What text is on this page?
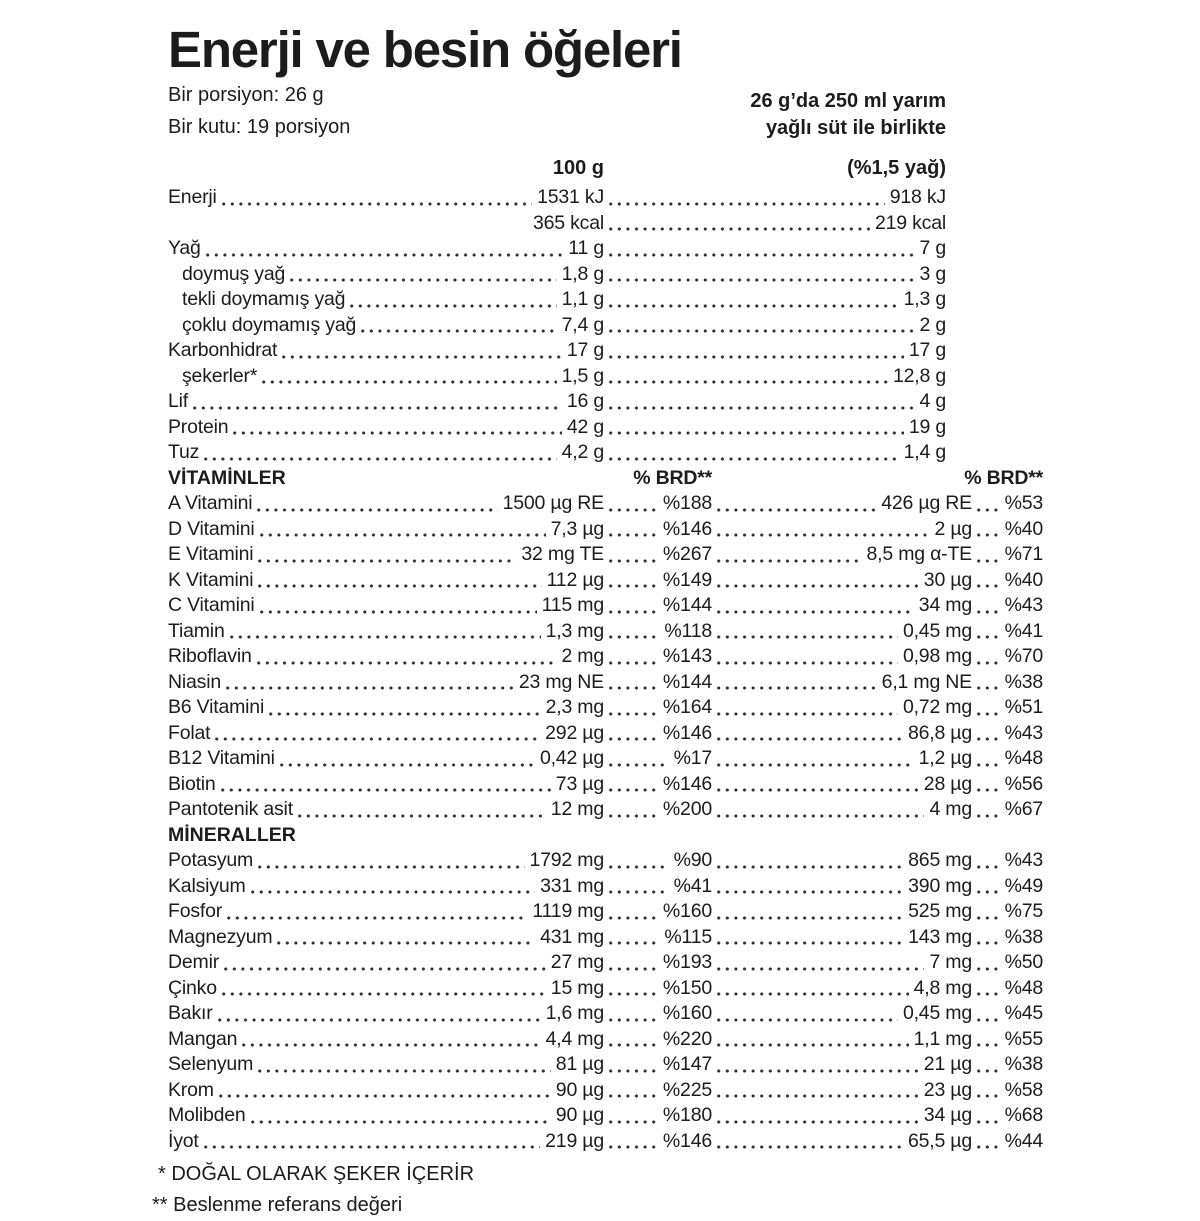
Enerji ve besin öğeleri
Bir porsiyon: 26 g
Bir kutu: 19 porsiyon
26 g’da 250 ml yarım
yağlı süt ile birlikte
100 g	(%1,5 yağ)
Enerji	1531 kJ	918 kJ
365 kcal	219 kcal
Yağ	11 g	7 g
doymuş yağ	1,8 g	3 g
tekli doymamış yağ	1,1 g	1,3 g
çoklu doymamış yağ	7,4 g	2 g
Karbonhidrat	17 g	17 g
şekerler*	1,5 g	12,8 g
Lif	16 g	4 g
Protein	42 g	19 g
Tuz	4,2 g	1,4 g
VİTAMİNLER	% BRD**	% BRD**
A Vitamini	1500 µg RE	%188	426 µg RE %53
D Vitamini	7,3 µg	%146	2 µg %40
E Vitamini	32 mg TE	%267	8,5 mg α-TE %71
K Vitamini	112 µg	%149	30 µg %40
C Vitamini	115 mg	%144	34 mg %43
Tiamin	1,3 mg	%118	0,45 mg %41
Riboflavin	2 mg	%143	0,98 mg %70
Niasin	23 mg NE	%144	6,1 mg NE %38
B6 Vitamini	2,3 mg	%164	0,72 mg %51
Folat	292 µg	%146	86,8 µg %43
B12 Vitamini	0,42 µg	%17	1,2 µg %48
Biotin	73 µg	%146	28 µg %56
Pantotenik asit	12 mg	%200	4 mg %67
MİNERALLER
Potasyum	1792 mg	%90	865 mg %43
Kalsiyum	331 mg	%41	390 mg %49
Fosfor	1119 mg	%160	525 mg %75
Magnezyum	431 mg	%115	143 mg %38
Demir	27 mg	%193	7 mg %50
Çinko	15 mg	%150	4,8 mg %48
Bakır	1,6 mg	%160	0,45 mg %45
Mangan	4,4 mg	%220	1,1 mg %55
Selenyum	81 µg	%147	21 µg %38
Krom	90 µg	%225	23 µg %58
Molibden	90 µg	%180	34 µg %68
İyot	219 µg	%146	65,5 µg %44
* DOĞAL OLARAK ŞEKER İÇERİR
** Beslenme referans değeri
